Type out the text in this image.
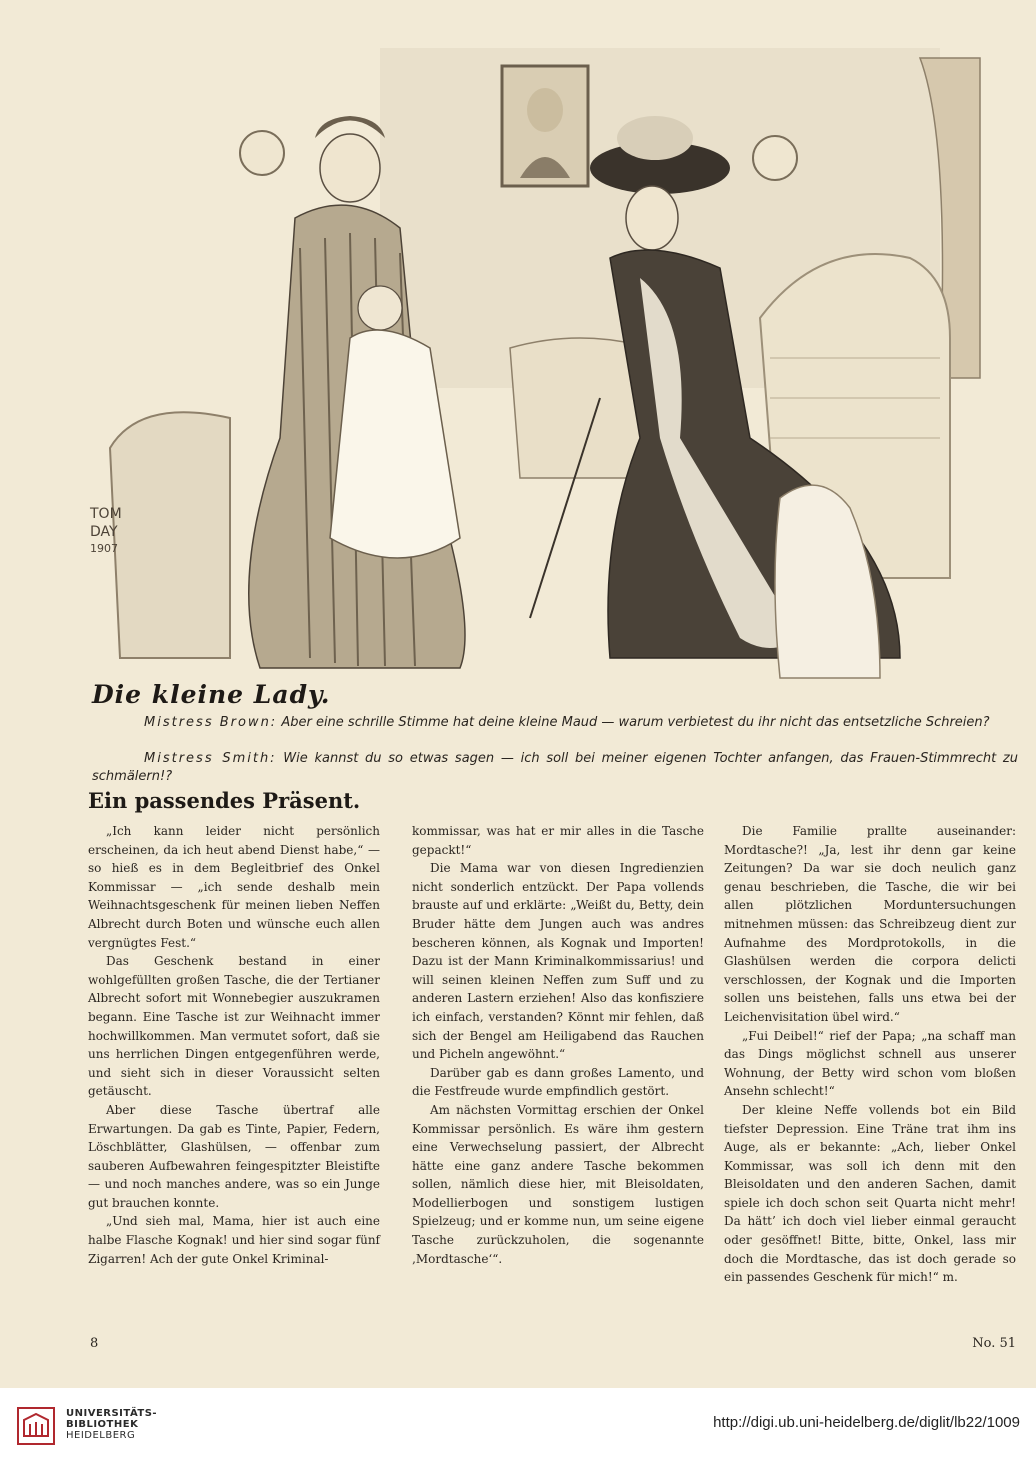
TOM
DAY
1907
Die kleine Lady.
Mistress Brown: Aber eine schrille Stimme hat deine kleine Maud — warum verbietest du ihr nicht das entsetzliche Schreien?
Mistress Smith: Wie kannst du so etwas sagen — ich soll bei meiner eigenen Tochter anfangen, das Frauen-Stimmrecht zu schmälern!?
Ein passendes Präsent.

„Ich kann leider nicht persönlich erscheinen, da ich heut abend Dienst habe,“ — so hieß es in dem Begleitbrief des Onkel Kommissar — „ich sende deshalb mein Weihnachtsgeschenk für meinen lieben Neffen Albrecht durch Boten und wünsche euch allen vergnügtes Fest.“

Das Geschenk bestand in einer wohlgefüllten großen Tasche, die der Tertianer Albrecht sofort mit Wonnebegier auszukramen begann. Eine Tasche ist zur Weihnacht immer hochwillkommen. Man vermutet sofort, daß sie uns herrlichen Dingen entgegenführen werde, und sieht sich in dieser Voraussicht selten getäuscht.

Aber diese Tasche übertraf alle Erwartungen. Da gab es Tinte, Papier, Federn, Löschblätter, Glashülsen, — offenbar zum sauberen Aufbewahren feingespitzter Bleistifte — und noch manches andere, was so ein Junge gut brauchen konnte.

„Und sieh mal, Mama, hier ist auch eine halbe Flasche Kognak! und hier sind sogar fünf Zigarren! Ach der gute Onkel Kriminal-

kommissar, was hat er mir alles in die Tasche gepackt!“

Die Mama war von diesen Ingredienzien nicht sonderlich entzückt. Der Papa vollends brauste auf und erklärte: „Weißt du, Betty, dein Bruder hätte dem Jungen auch was andres bescheren können, als Kognak und Importen! Dazu ist der Mann Kriminalkommissarius! und will seinen kleinen Neffen zum Suff und zu anderen Lastern erziehen! Also das konfisziere ich einfach, verstanden? Könnt mir fehlen, daß sich der Bengel am Heiligabend das Rauchen und Picheln angewöhnt.“

Darüber gab es dann großes Lamento, und die Festfreude wurde empfindlich gestört.

Am nächsten Vormittag erschien der Onkel Kommissar persönlich. Es wäre ihm gestern eine Verwechselung passiert, der Albrecht hätte eine ganz andere Tasche bekommen sollen, nämlich diese hier, mit Bleisoldaten, Modellierbogen und sonstigem lustigen Spielzeug; und er komme nun, um seine eigene Tasche zurückzuholen, die sogenannte ‚Mordtasche‘“.

Die Familie prallte auseinander: Mordtasche?! „Ja, lest ihr denn gar keine Zeitungen? Da war sie doch neulich ganz genau beschrieben, die Tasche, die wir bei allen plötzlichen Morduntersuchungen mitnehmen müssen: das Schreibzeug dient zur Aufnahme des Mordprotokolls, in die Glashülsen werden die corpora delicti verschlossen, der Kognak und die Importen sollen uns beistehen, falls uns etwa bei der Leichenvisitation übel wird.“

„Fui Deibel!“ rief der Papa; „na schaff man das Dings möglichst schnell aus unserer Wohnung, der Betty wird schon vom bloßen Ansehn schlecht!“

Der kleine Neffe vollends bot ein Bild tiefster Depression. Eine Träne trat ihm ins Auge, als er bekannte: „Ach, lieber Onkel Kommissar, was soll ich denn mit den Bleisoldaten und den anderen Sachen, damit spiele ich doch schon seit Quarta nicht mehr! Da hätt’ ich doch viel lieber einmal geraucht oder gesöffnet! Bitte, bitte, Onkel, lass mir doch die Mordtasche, das ist doch gerade so ein passendes Geschenk für mich!“ m.

8	No. 51
UNIVERSITÄTS-
BIBLIOTHEK
HEIDELBERG
http://digi.ub.uni-heidelberg.de/diglit/lb22/1009
